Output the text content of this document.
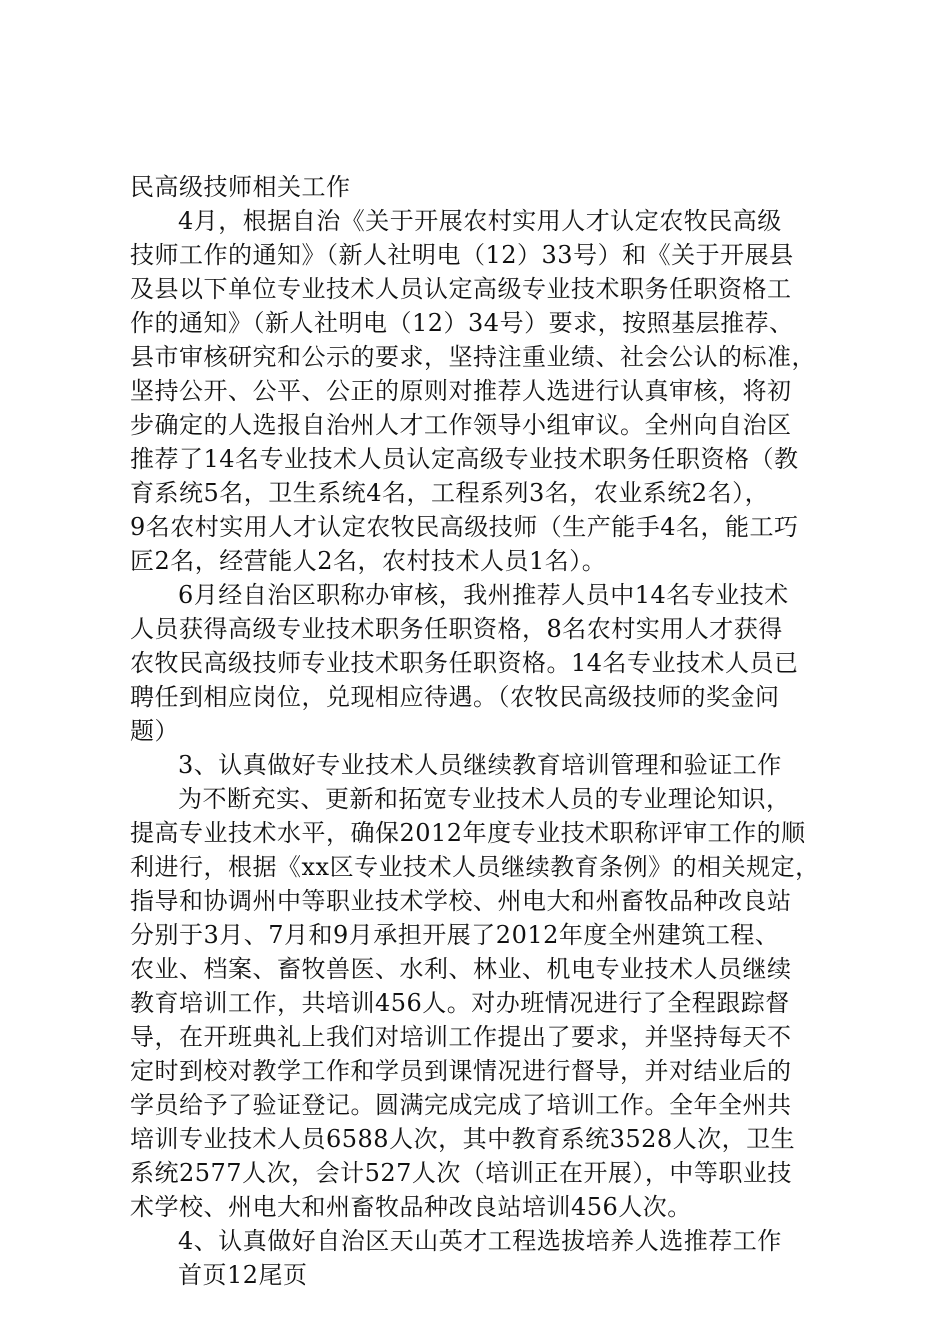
民高级技师相关工作
4月，根据自治《关于开展农村实用人才认定农牧民高级
技师工作的通知》（新人社明电（12）33号）和《关于开展县
及县以下单位专业技术人员认定高级专业技术职务任职资格工
作的通知》（新人社明电（12）34号）要求，按照基层推荐、
县市审核研究和公示的要求，坚持注重业绩、社会公认的标准，
坚持公开、公平、公正的原则对推荐人选进行认真审核，将初
步确定的人选报自治州人才工作领导小组审议。全州向自治区
推荐了14名专业技术人员认定高级专业技术职务任职资格（教
育系统5名，卫生系统4名，工程系列3名，农业系统2名），
9名农村实用人才认定农牧民高级技师（生产能手4名，能工巧
匠2名，经营能人2名，农村技术人员1名）。
6月经自治区职称办审核，我州推荐人员中14名专业技术
人员获得高级专业技术职务任职资格，8名农村实用人才获得
农牧民高级技师专业技术职务任职资格。14名专业技术人员已
聘任到相应岗位，兑现相应待遇。（农牧民高级技师的奖金问
题）
3、认真做好专业技术人员继续教育培训管理和验证工作
为不断充实、更新和拓宽专业技术人员的专业理论知识，
提高专业技术水平，确保2012年度专业技术职称评审工作的顺
利进行，根据《xx区专业技术人员继续教育条例》的相关规定，
指导和协调州中等职业技术学校、州电大和州畜牧品种改良站
分别于3月、7月和9月承担开展了2012年度全州建筑工程、
农业、档案、畜牧兽医、水利、林业、机电专业技术人员继续
教育培训工作，共培训456人。对办班情况进行了全程跟踪督
导，在开班典礼上我们对培训工作提出了要求，并坚持每天不
定时到校对教学工作和学员到课情况进行督导，并对结业后的
学员给予了验证登记。圆满完成完成了培训工作。全年全州共
培训专业技术人员6588人次，其中教育系统3528人次，卫生
系统2577人次，会计527人次（培训正在开展），中等职业技
术学校、州电大和州畜牧品种改良站培训456人次。
4、认真做好自治区天山英才工程选拔培养人选推荐工作
首页12尾页
